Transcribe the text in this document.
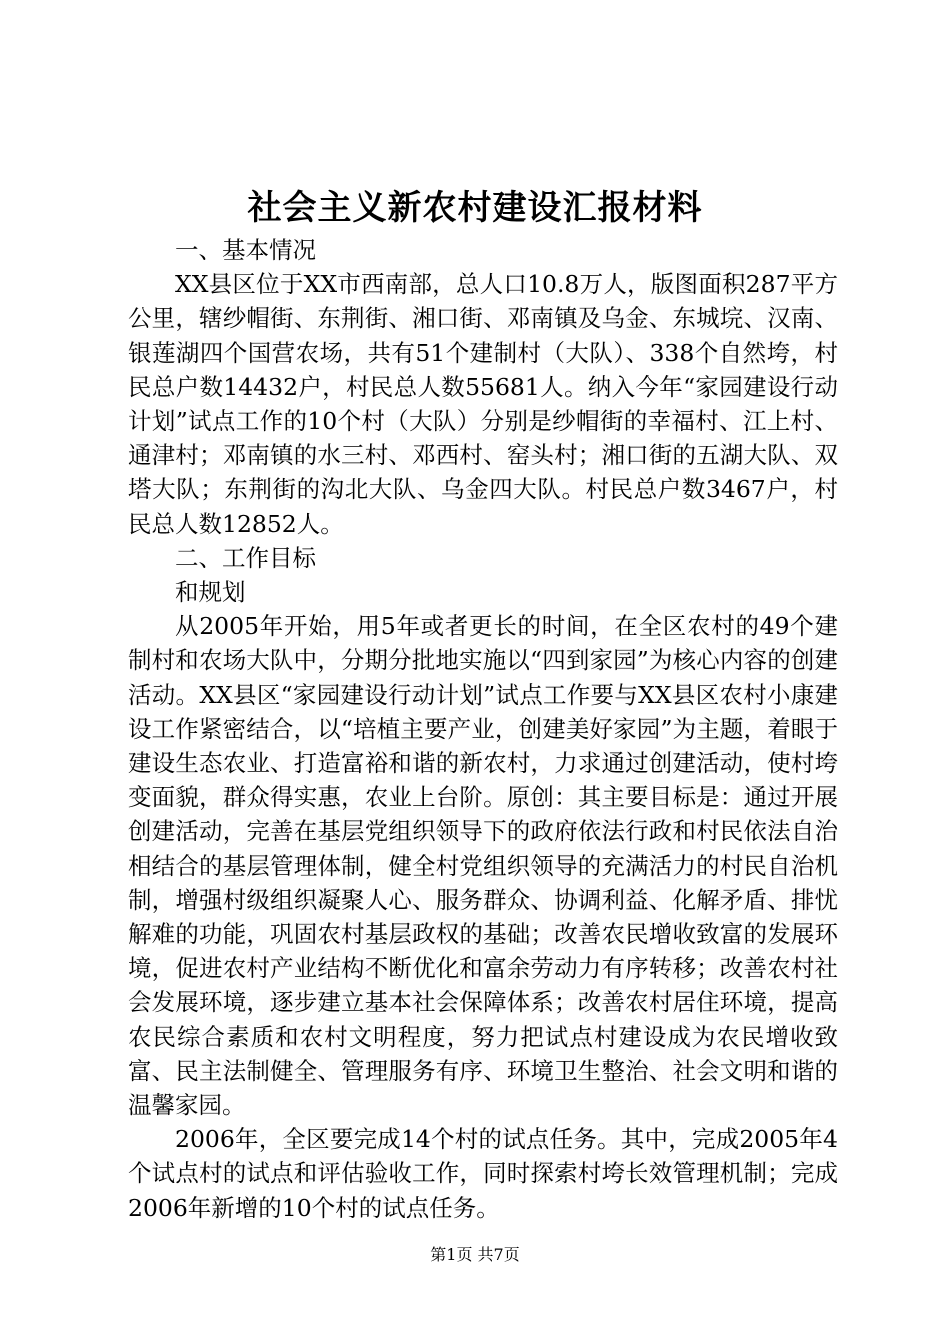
社会主义新农村建设汇报材料

一、基本情况

XX县区位于XX市西南部，总人口10.8万人，版图面积287平方公里，辖纱帽街、东荆街、湘口街、邓南镇及乌金、东城垸、汉南、银莲湖四个国营农场，共有51个建制村（大队）、338个自然垮，村民总户数14432户，村民总人数55681人。纳入今年“家园建设行动计划”试点工作的10个村（大队）分别是纱帽街的幸福村、江上村、通津村；邓南镇的水三村、邓西村、窑头村；湘口街的五湖大队、双塔大队；东荆街的沟北大队、乌金四大队。村民总户数3467户，村民总人数12852人。

二、工作目标

和规划

从2005年开始，用5年或者更长的时间，在全区农村的49个建制村和农场大队中，分期分批地实施以“四到家园”为核心内容的创建活动。XX县区“家园建设行动计划”试点工作要与XX县区农村小康建设工作紧密结合，以“培植主要产业，创建美好家园”为主题，着眼于建设生态农业、打造富裕和谐的新农村，力求通过创建活动，使村垮变面貌，群众得实惠，农业上台阶。原创：其主要目标是：通过开展创建活动，完善在基层党组织领导下的政府依法行政和村民依法自治相结合的基层管理体制，健全村党组织领导的充满活力的村民自治机制，增强村级组织凝聚人心、服务群众、协调利益、化解矛盾、排忧解难的功能，巩固农村基层政权的基础；改善农民增收致富的发展环境，促进农村产业结构不断优化和富余劳动力有序转移；改善农村社会发展环境，逐步建立基本社会保障体系；改善农村居住环境，提高农民综合素质和农村文明程度，努力把试点村建设成为农民增收致富、民主法制健全、管理服务有序、环境卫生整治、社会文明和谐的温馨家园。

2006年，全区要完成14个村的试点任务。其中，完成2005年4个试点村的试点和评估验收工作，同时探索村垮长效管理机制；完成2006年新增的10个村的试点任务。

第1页 共7页
